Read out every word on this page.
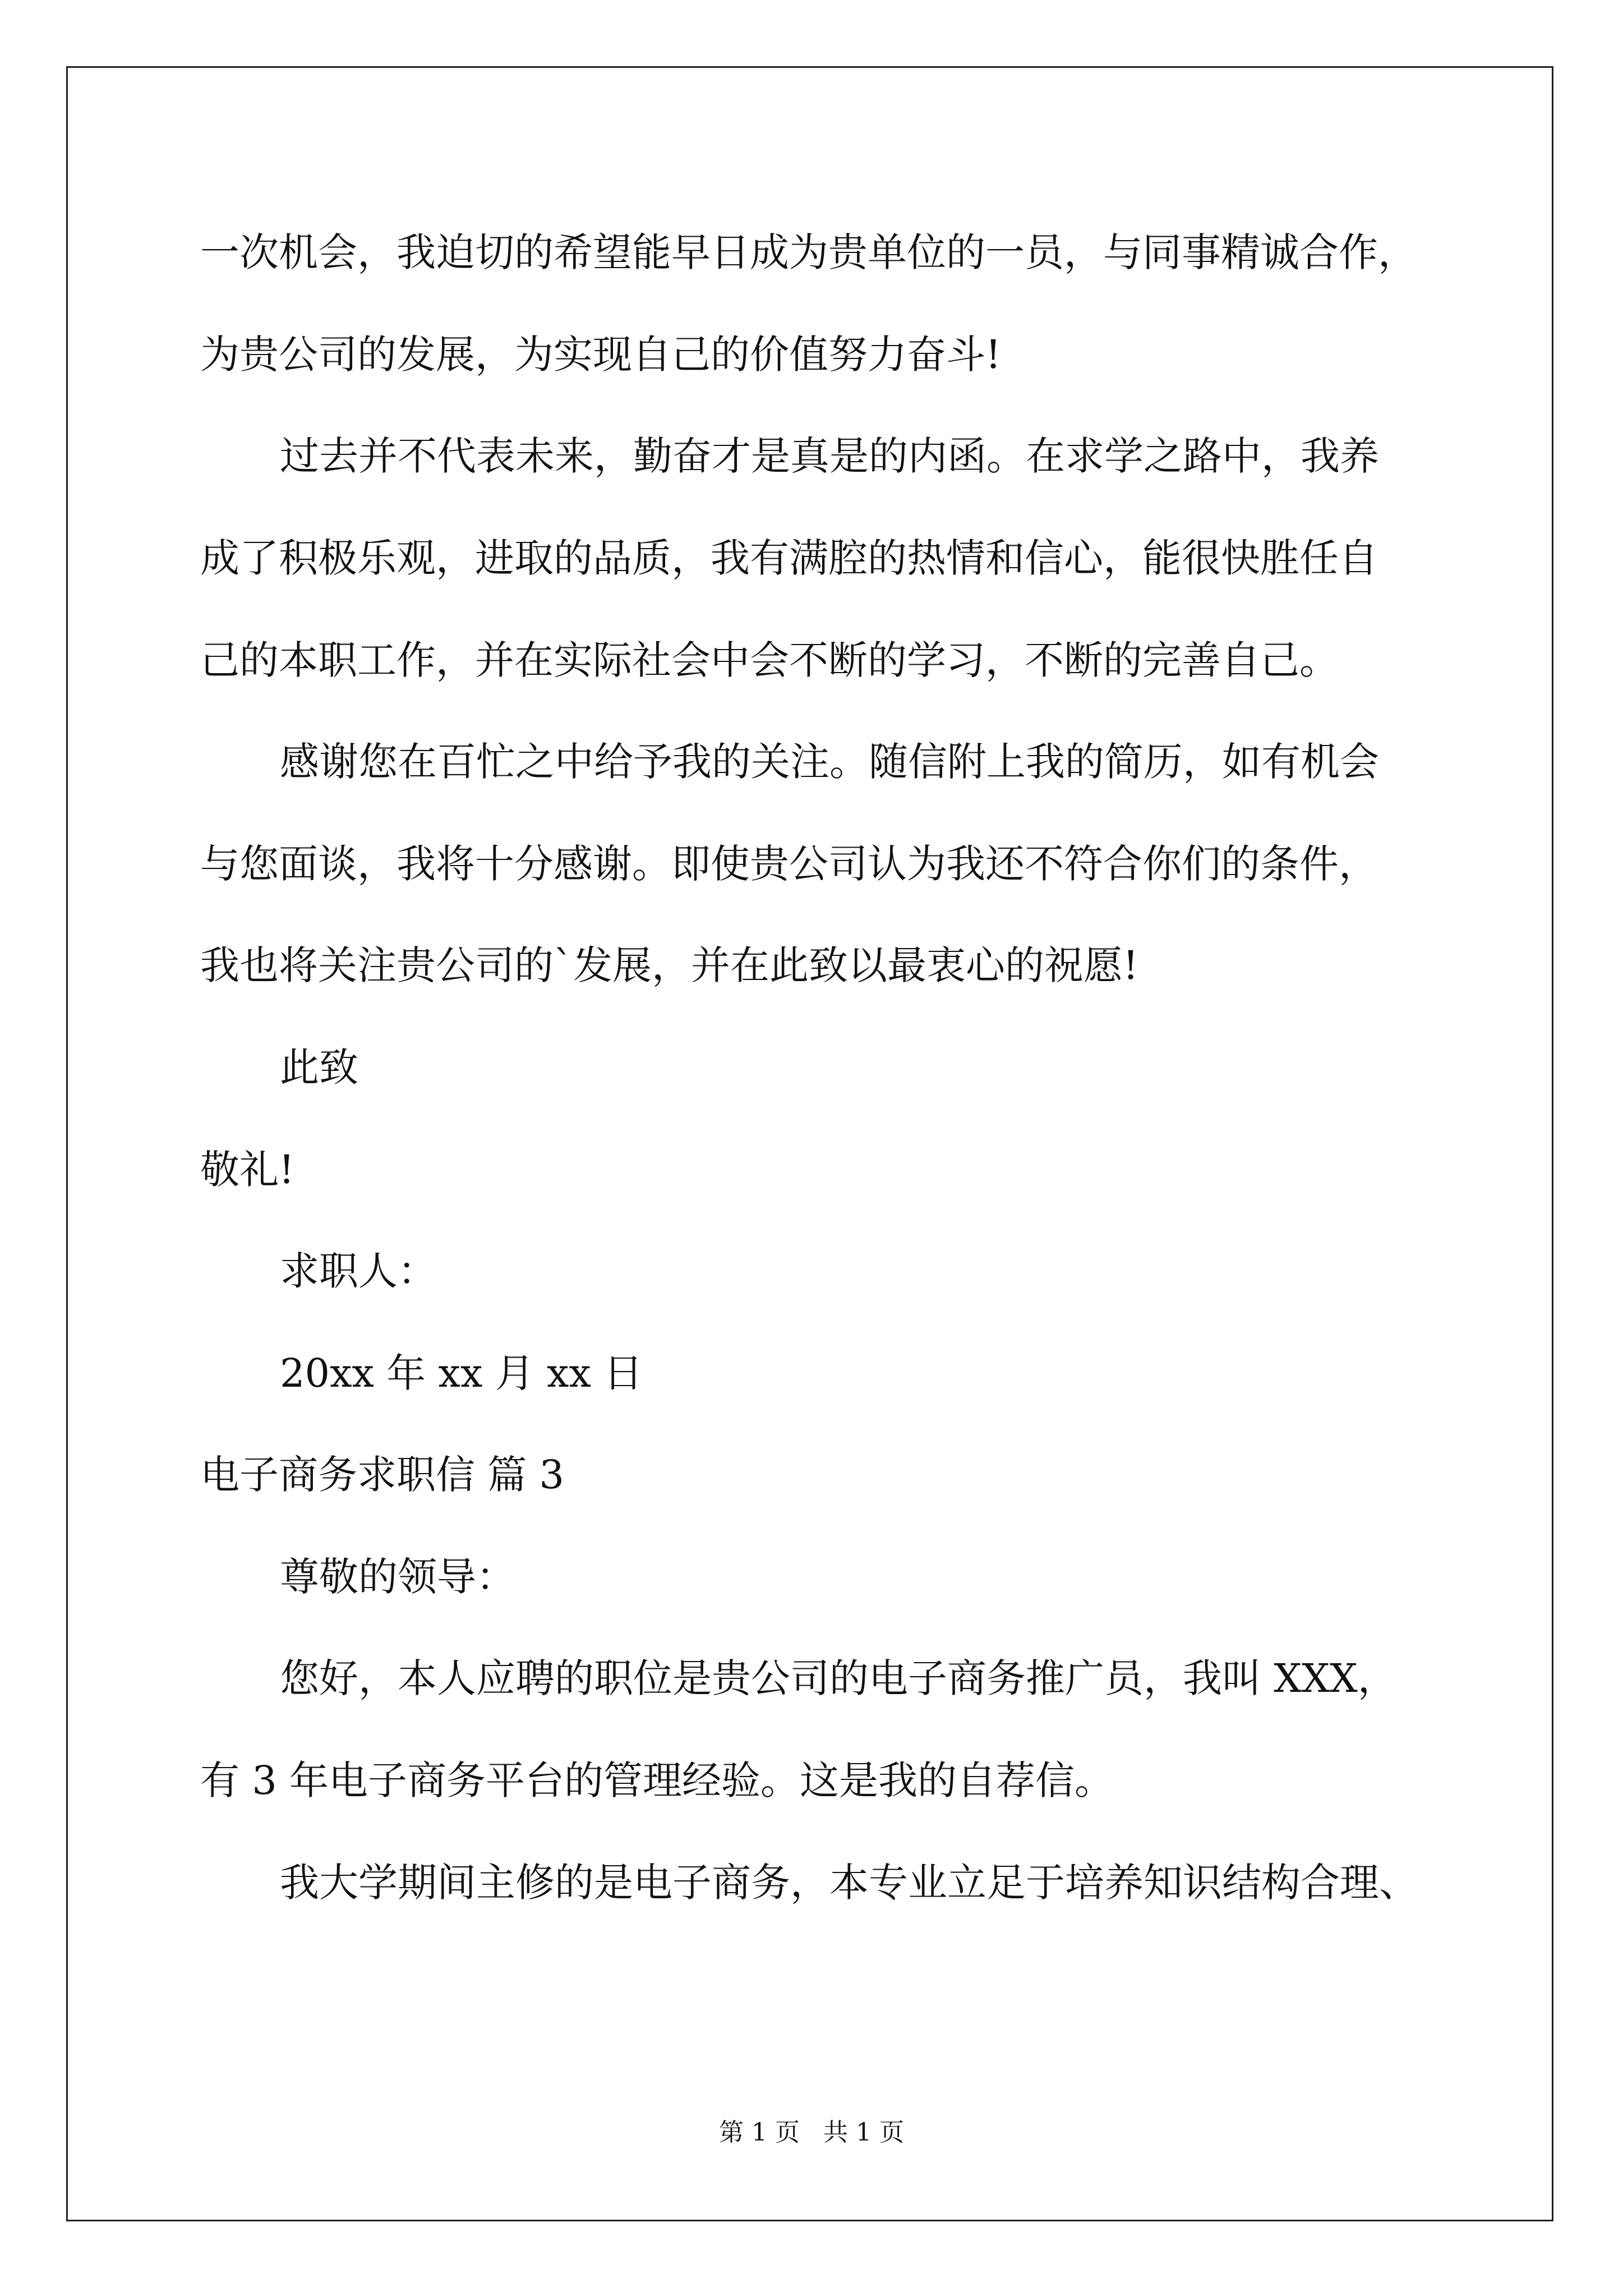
一次机会，我迫切的希望能早日成为贵单位的一员，与同事精诚合作，
为贵公司的发展，为实现自己的价值努力奋斗!
过去并不代表未来，勤奋才是真是的内函。在求学之路中，我养
成了积极乐观，进取的品质，我有满腔的热情和信心，能很快胜任自
己的本职工作，并在实际社会中会不断的学习，不断的完善自己。
感谢您在百忙之中给予我的关注。随信附上我的简历，如有机会
与您面谈，我将十分感谢。即使贵公司认为我还不符合你们的条件，
我也将关注贵公司的`发展，并在此致以最衷心的祝愿!
此致
敬礼!
求职人：
20xx 年 xx 月 xx 日
电子商务求职信 篇 3
尊敬的领导：
您好，本人应聘的职位是贵公司的电子商务推广员，我叫 XXX，
有 3 年电子商务平台的管理经验。这是我的自荐信。
我大学期间主修的是电子商务，本专业立足于培养知识结构合理、
第 1 页 共 1 页
